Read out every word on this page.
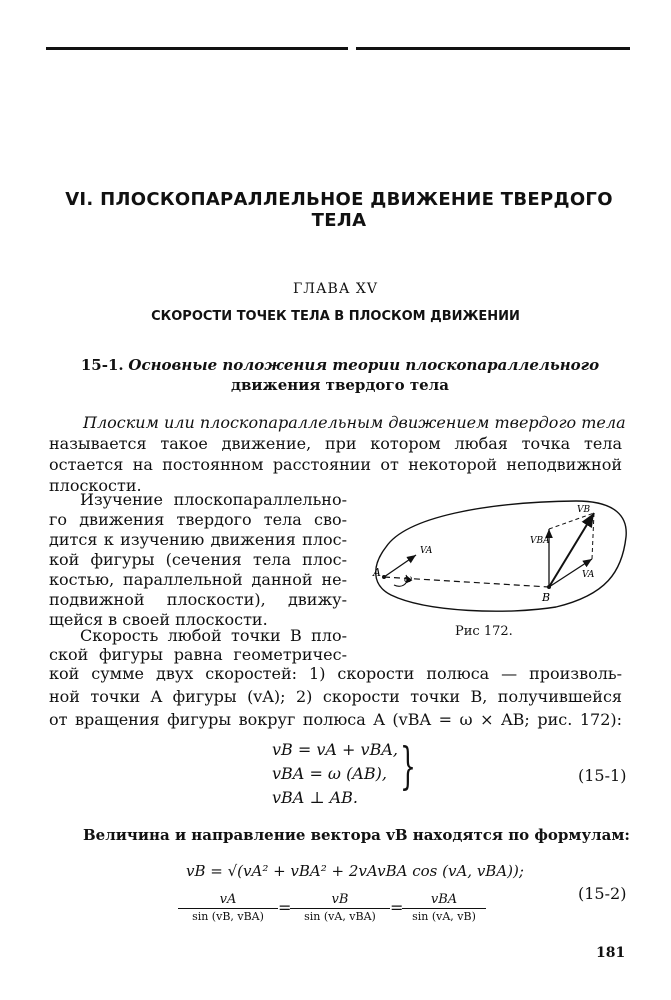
VI. ПЛОСКОПАРАЛЛЕЛЬНОЕ ДВИЖЕНИЕ ТВЕРДОГО ТЕЛА
ГЛАВА XV
СКОРОСТИ ТОЧЕК ТЕЛА В ПЛОСКОМ ДВИЖЕНИИ
15-1. Основные положения теории плоскопараллельного
движения твердого тела
Плоским или плоскопараллельным движением твердого тела
называется такое движение, при котором любая точка тела
остается на постоянном расстоянии от некоторой неподвижной
плоскости.
Изучение плоскопараллельно-
го движения твердого тела сво-
дится к изучению движения плос-
кой фигуры (сечения тела плос-
костью, параллельной данной не-
подвижной плоскости), движу-
щейся в своей плоскости.
A
ω
VA
B
VBA
VB
VA
Рис 172.
Скорость любой точки B пло-
ской фигуры равна геометричес-
кой сумме двух скоростей: 1) скорости полюса — произволь-
ной точки A фигуры (vA); 2) скорости точки B, получившейся
от вращения фигуры вокруг полюса A (vBA = ω × AB; рис. 172):
vB = vA + vBA,
vBA = ω (AB),
vBA ⊥ AB.
}	(15-1)
Величина и направление вектора vB находятся по формулам:
vB = √(vA² + vBA² + 2vAvBA cos (vA, vBA));
vA
sin (vB, vBA) =	vB
sin (vA, vBA) =	vBA
sin (vA, vB)
(15-2)
181
